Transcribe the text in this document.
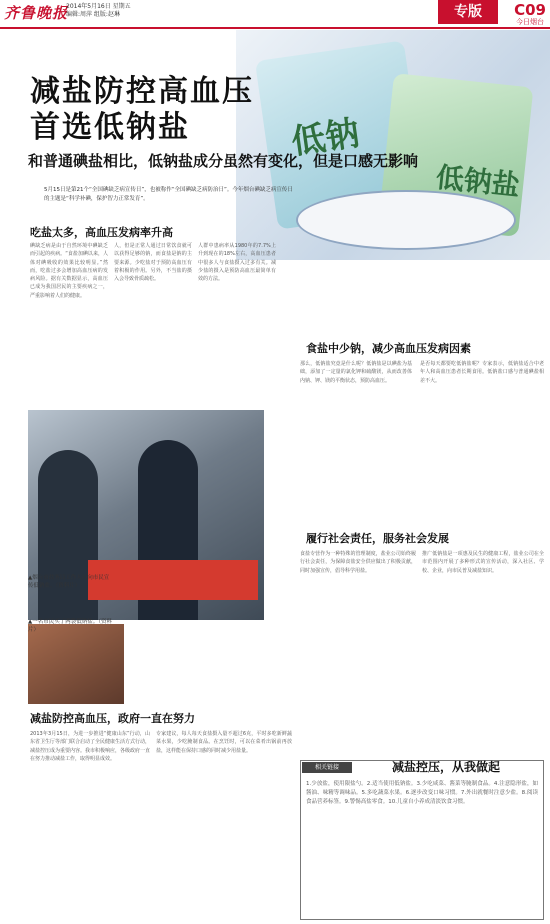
齐鲁晚报
2014年5月16日 星期五
编辑:周萍 组版:赵琳	专版	C09
今日烟台
低钠
低钠盐
减盐防控高血压
首选低钠盐
和普通碘盐相比，低钠盐成分虽然有变化，但是口感无影响
5月15日是第21个“全国碘缺乏病宣传日”，也被称作“全国碘缺乏病防治日”。今年烟台碘缺乏病宣传日的主题是“科学补碘，保护智力正常发育”。
吃盐太多，高血压发病率升高
碘缺乏病是由于自然环境中碘缺乏而引起的疾病。“食盐加碘以来，人体对碘吸收的效果比较明显。”然而，吃盐过多会增加高血压病的发病风险。据有关数据显示，高血压已成为我国居民的主要疾病之一，严重影响着人们的健康。
人，但是正常人通过日常饮食就可以获得足够的钠，而食盐是钠的主要来源。少吃盐对于预防高血压有着积极的作用。另外，不当盐的摄入会导致骨质疏松。
人群中患病率从1980年的7.7%上升到现在的18%左右，高血压患者中很多人与食盐摄入过多有关。减少盐的摄入是预防高血压最简单有效的方法。
食盐中少钠，减少高血压发病因素
那么，低钠盐究竟是什么呢？低钠盐是以碘盐为基础，添加了一定量的氯化钾和硫酸镁，从而改善体内钠、钾、镁的平衡状态，预防高血压。
是否每天都要吃低钠盐呢？专家表示，低钠盐适合中老年人和高血压患者长期食用。低钠盐口感与普通碘盐相差不大。
▲烟台市盐务局工作人员向市民宣传低钠盐。（资料片）
▲一名市民买了两袋低钠盐。（资料片）
履行社会责任，服务社会发展
食盐专营作为一种特殊的管理制度，盐业公司始终履行社会责任，为保障食盐安全供应做出了积极贡献，同时加强宣传，倡导科学用盐。
推广低钠盐是一项惠及民生的健康工程，盐业公司在全市范围内开展了多种形式的宣传活动，深入社区、学校、企业，向市民普及减盐知识。
减盐防控高血压，政府一直在努力
2013年3月15日，为进一步推进“健康山东”行动，山东省卫生厅等部门联合启动了全民健康生活方式行动，减盐控压成为重要内容。我市积极响应，各级政府一直在努力推动减盐工作，取得明显成效。
专家建议，每人每天食盐摄入量不超过6克，平时多吃新鲜蔬菜水果，少吃腌制食品。在烹饪时，可以在菜肴出锅前再放盐，这样能在保持口感的同时减少用盐量。
相关链接	减盐控压，从我做起
1.少放盐，使用限盐勺。2.适当使用低钠盐。3.少吃咸菜、酱菜等腌制食品。4.注意隐形盐，如酱油、味精等调味品。5.多吃蔬菜水果。6.逐步改变口味习惯。7.外出就餐时注意少盐。8.阅读食品营养标签。9.警惕高盐零食。10.儿童自小养成清淡饮食习惯。
